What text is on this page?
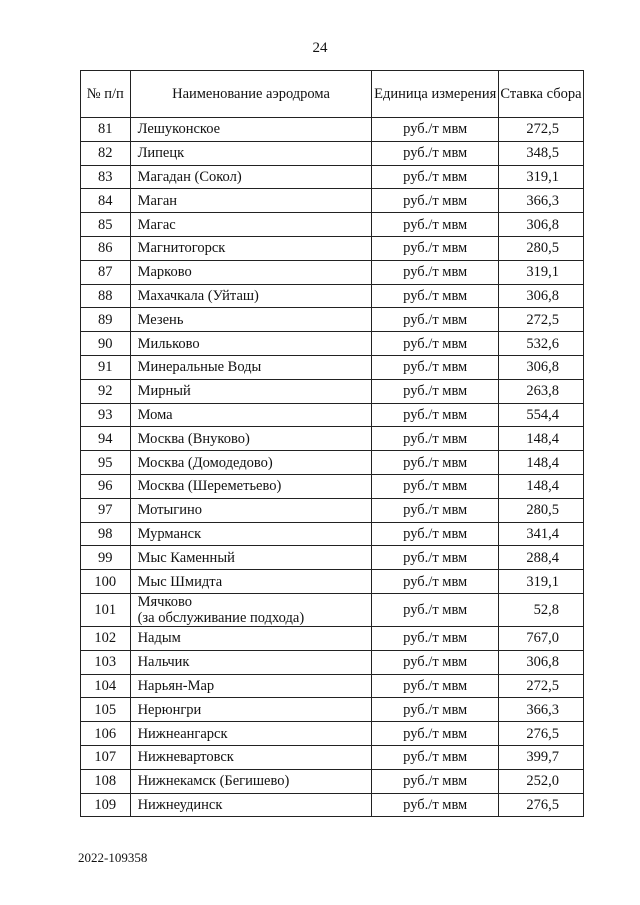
24
№ п/п	Наименование аэродрома	Единица измерения	Ставка сбора
81	Лешуконское	руб./т мвм	272,5
82	Липецк	руб./т мвм	348,5
83	Магадан (Сокол)	руб./т мвм	319,1
84	Маган	руб./т мвм	366,3
85	Магас	руб./т мвм	306,8
86	Магнитогорск	руб./т мвм	280,5
87	Марково	руб./т мвм	319,1
88	Махачкала (Уйташ)	руб./т мвм	306,8
89	Мезень	руб./т мвм	272,5
90	Мильково	руб./т мвм	532,6
91	Минеральные Воды	руб./т мвм	306,8
92	Мирный	руб./т мвм	263,8
93	Мома	руб./т мвм	554,4
94	Москва (Внуково)	руб./т мвм	148,4
95	Москва (Домодедово)	руб./т мвм	148,4
96	Москва (Шереметьево)	руб./т мвм	148,4
97	Мотыгино	руб./т мвм	280,5
98	Мурманск	руб./т мвм	341,4
99	Мыс Каменный	руб./т мвм	288,4
100	Мыс Шмидта	руб./т мвм	319,1
101	Мячково
(за обслуживание подхода)	руб./т мвм	52,8
102	Надым	руб./т мвм	767,0
103	Нальчик	руб./т мвм	306,8
104	Нарьян-Мар	руб./т мвм	272,5
105	Нерюнгри	руб./т мвм	366,3
106	Нижнеангарск	руб./т мвм	276,5
107	Нижневартовск	руб./т мвм	399,7
108	Нижнекамск (Бегишево)	руб./т мвм	252,0
109	Нижнеудинск	руб./т мвм	276,5
2022-109358
